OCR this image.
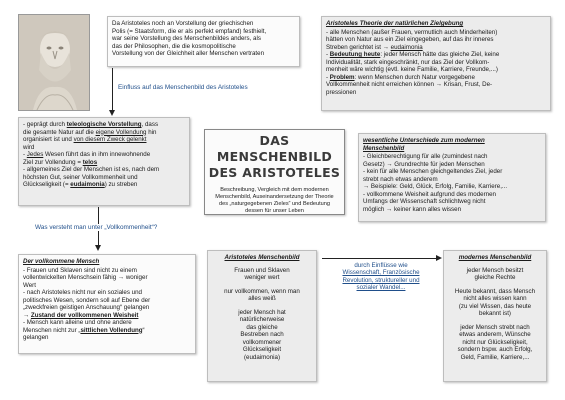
Da Aristoteles noch an Vorstellung der griechischen
Polis (= Staatsform, die er als perfekt empfand) festhielt,
war seine Vorstellung des Menschenbildes anders, als
das der Philosophen, die die kosmopolitische
Vorstellung von der Gleichheit aller Menschen vertraten
Einfluss auf das Menschenbild des Aristoteles
Aristoteles Theorie der natürlichen Zielgebung
- alle Menschen (außer Frauen, vermutlich auch Minderheiten)
hätten von Natur aus ein Ziel eingegeben, auf das ihr inneres
Streben gerichtet ist → eudaimonia
- Bedeutung heute: jeder Mensch hätte das gleiche Ziel, keine
Individualität, stark eingeschränkt, nur das Ziel der Vollkom-
menheit wäre wichtig (evtl. keine Familie, Karriere, Freunde,...)
- Problem: wenn Menschen durch Natur vorgegebene
Vollkommenheit nicht erreichen können → Krisan, Frust, De-
pressionen
- geprägt durch teleologische Vorstellung, dass
die gesamte Natur auf die eigene Vollendung hin
organisiert ist und von diesem Zweck gelenkt
wird
- Jedes Wesen führt das in ihm innewohnende
Ziel zur Vollendung = telos
- allgemeines Ziel der Menschen ist es, nach dem
höchsten Gut, seiner Vollkommenheit und
Glückseligkeit (= eudaimonia) zu streben
DAS MENSCHENBILD
DES ARISTOTELES
Beschreibung, Vergleich mit dem modernen
Menschenbild, Auseinandersetzung der Theorie
des „naturgegebenen Zieles“ und Bedeutung
dessen für unser Leben
wesentliche Unterschiede zum modernen
Menschenbild
- Gleichberechtigung für alle (zumindest nach
Gesetz) → Grundrechte für jeden Menschen
- kein für alle Menschen gleichgeltendes Ziel, jeder
strebt nach etwas anderem
→ Beispiele: Geld, Glück, Erfolg, Familie, Karriere,...
- vollkommene Weisheit aufgrund des modernen
Umfangs der Wissenschaft schlichtweg nicht
möglich → keiner kann alles wissen
Was versteht man unter „Vollkommenheit“?
Der vollkommene Mensch
- Frauen und Sklaven sind nicht zu einem
vollentwickelten Menschsein fähig → woniger
Wert
- nach Aristoteles nicht nur ein soziales und
politisches Wesen, sondern soll auf Ebene der
„zweckfreien geistigen Anschauung“ gelangen
→ Zustand der vollkommenen Weisheit
- Mensch kann alleine und ohne andere
Menschen nicht zur „sittlichen Vollendung“
gelangen
Aristoteles Menschenbild
Frauen und Sklaven
weniger wert
nur vollkommen, wenn man
alles weiß
jeder Mensch hat
natürlicherweise
das gleiche
Bestreben nach
vollkommener
Glückseligkeit
(eudaimonia)
durch Einflüsse wie
Wissenschaft, Französische
Revolution, struktureller und
sozialer Wandel...
modernes Menschenbild
jeder Mensch besitzt
gleiche Rechte
Heute bekannt, dass Mensch
nicht alles wissen kann
(zu viel Wissen, das heute
bekannt ist)
jeder Mensch strebt nach
etwas anderem, Wünsche
nicht nur Glückseligkeit,
sondern bspw. auch Erfolg,
Geld, Familie, Karriere,...
